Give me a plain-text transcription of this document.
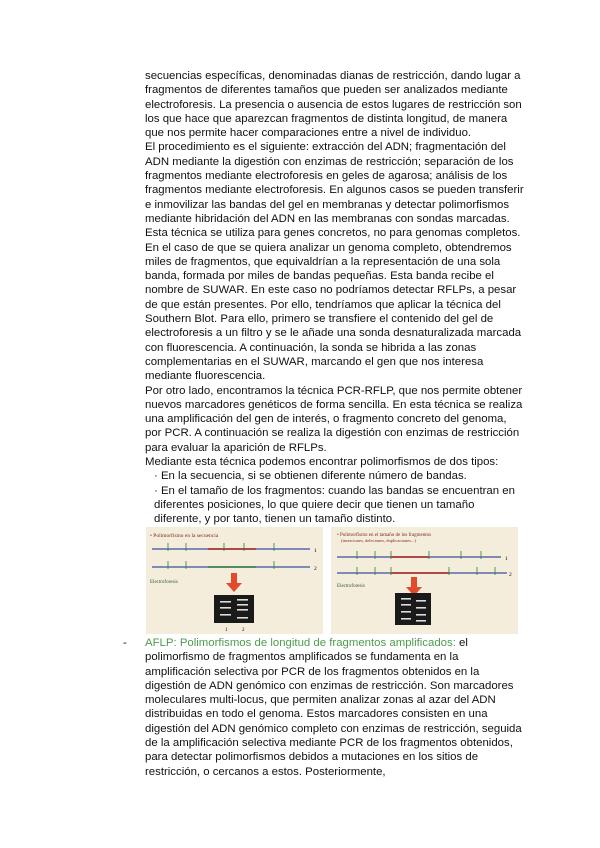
secuencias específicas, denominadas dianas de restricción, dando lugar a fragmentos de diferentes tamaños que pueden ser analizados mediante electroforesis. La presencia o ausencia de estos lugares de restricción son los que hace que aparezcan fragmentos de distinta longitud, de manera que nos permite hacer comparaciones entre a nivel de individuo.

El procedimiento es el siguiente: extracción del ADN; fragmentación del ADN mediante la digestión con enzimas de restricción; separación de los fragmentos mediante electroforesis en geles de agarosa; análisis de los fragmentos mediante electroforesis. En algunos casos se pueden transferir e inmovilizar las bandas del gel en membranas y detectar polimorfismos mediante hibridación del ADN en las membranas con sondas marcadas. Esta técnica se utiliza para genes concretos, no para genomas completos.

En el caso de que se quiera analizar un genoma completo, obtendremos miles de fragmentos, que equivaldrían a la representación de una sola banda, formada por miles de bandas pequeñas. Esta banda recibe el nombre de SUWAR. En este caso no podríamos detectar RFLPs, a pesar de que están presentes. Por ello, tendríamos que aplicar la técnica del Southern Blot. Para ello, primero se transfiere el contenido del gel de electroforesis a un filtro y se le añade una sonda desnaturalizada marcada con fluorescencia. A continuación, la sonda se hibrida a las zonas complementarias en el SUWAR, marcando el gen que nos interesa mediante fluorescencia.

Por otro lado, encontramos la técnica PCR-RFLP, que nos permite obtener nuevos marcadores genéticos de forma sencilla. En esta técnica se realiza una amplificación del gen de interés, o fragmento concreto del genoma, por PCR. A continuación se realiza la digestión con enzimas de restricción para evaluar la aparición de RFLPs.

Mediante esta técnica podemos encontrar polimorfismos de dos tipos:

· En la secuencia, si se obtienen diferente número de bandas.

· En el tamaño de los fragmentos: cuando las bandas se encuentran en diferentes posiciones, lo que quiere decir que tienen un tamaño diferente, y por tanto, tienen un tamaño distinto.

• Polimorfismo en la secuencia
1
2
Electroforesis
1	2
• Polimorfismo en el tamaño de los fragmentos
(inserciones, deleciones, duplicaciones...)
1
2
Electroforesis
- AFLP: Polimorfismos de longitud de fragmentos amplificados: el polimorfismo de fragmentos amplificados se fundamenta en la amplificación selectiva por PCR de los fragmentos obtenidos en la digestión de ADN genómico con enzimas de restricción. Son marcadores moleculares multi-locus, que permiten analizar zonas al azar del ADN distribuidas en todo el genoma. Estos marcadores consisten en una digestión del ADN genómico completo con enzimas de restricción, seguida de la amplificación selectiva mediante PCR de los fragmentos obtenidos, para detectar polimorfismos debidos a mutaciones en los sitios de restricción, o cercanos a estos. Posteriormente,
